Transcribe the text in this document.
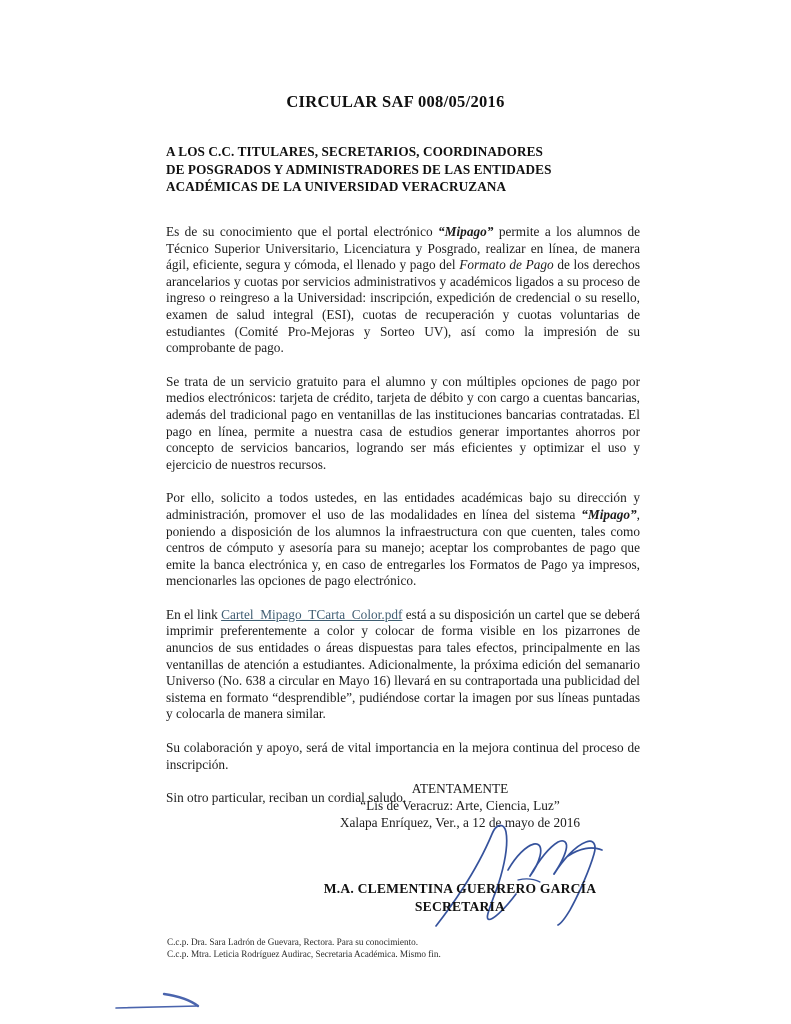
CIRCULAR SAF 008/05/2016
A LOS C.C. TITULARES, SECRETARIOS, COORDINADORES
DE POSGRADOS Y ADMINISTRADORES DE LAS ENTIDADES
ACADÉMICAS DE LA UNIVERSIDAD VERACRUZANA

Es de su conocimiento que el portal electrónico “Mipago” permite a los alumnos de Técnico Superior Universitario, Licenciatura y Posgrado, realizar en línea, de manera ágil, eficiente, segura y cómoda, el llenado y pago del Formato de Pago de los derechos arancelarios y cuotas por servicios administrativos y académicos ligados a su proceso de ingreso o reingreso a la Universidad: inscripción, expedición de credencial o su resello, examen de salud integral (ESI), cuotas de recuperación y cuotas voluntarias de estudiantes (Comité Pro-Mejoras y Sorteo UV), así como la impresión de su comprobante de pago.

Se trata de un servicio gratuito para el alumno y con múltiples opciones de pago por medios electrónicos: tarjeta de crédito, tarjeta de débito y con cargo a cuentas bancarias, además del tradicional pago en ventanillas de las instituciones bancarias contratadas. El pago en línea, permite a nuestra casa de estudios generar importantes ahorros por concepto de servicios bancarios, logrando ser más eficientes y optimizar el uso y ejercicio de nuestros recursos.

Por ello, solicito a todos ustedes, en las entidades académicas bajo su dirección y administración, promover el uso de las modalidades en línea del sistema “Mipago”, poniendo a disposición de los alumnos la infraestructura con que cuenten, tales como centros de cómputo y asesoría para su manejo; aceptar los comprobantes de pago que emite la banca electrónica y, en caso de entregarles los Formatos de Pago ya impresos, mencionarles las opciones de pago electrónico.

En el link Cartel_Mipago_TCarta_Color.pdf está a su disposición un cartel que se deberá imprimir preferentemente a color y colocar de forma visible en los pizarrones de anuncios de sus entidades o áreas dispuestas para tales efectos, principalmente en las ventanillas de atención a estudiantes. Adicionalmente, la próxima edición del semanario Universo (No. 638 a circular en Mayo 16) llevará en su contraportada una publicidad del sistema en formato “desprendible”, pudiéndose cortar la imagen por sus líneas puntadas y colocarla de manera similar.

Su colaboración y apoyo, será de vital importancia en la mejora continua del proceso de inscripción.

Sin otro particular, reciban un cordial saludo.

ATENTAMENTE
“Lis de Veracruz: Arte, Ciencia, Luz”
Xalapa Enríquez, Ver., a 12 de mayo de 2016
M.A. CLEMENTINA GUERRERO GARCÍA
SECRETARIA
C.c.p. Dra. Sara Ladrón de Guevara, Rectora. Para su conocimiento.
C.c.p. Mtra. Leticia Rodríguez Audirac, Secretaria Académica. Mismo fin.
